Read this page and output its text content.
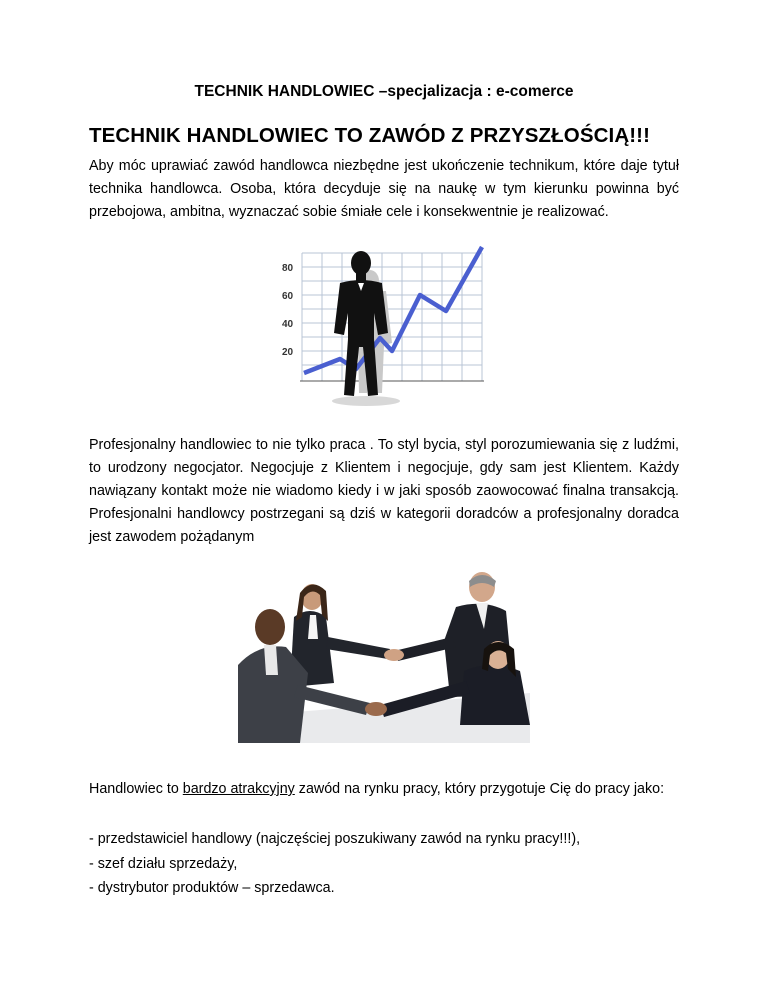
TECHNIK HANDLOWIEC –specjalizacja : e-comerce
TECHNIK HANDLOWIEC TO ZAWÓD Z PRZYSZŁOŚCIĄ!!!
Aby móc uprawiać zawód handlowca niezbędne jest ukończenie technikum, które daje tytuł technika handlowca. Osoba, która decyduje się na naukę w tym kierunku powinna być przebojowa, ambitna, wyznaczać sobie śmiałe cele i konsekwentnie je realizować.
80
60
40
20
Profesjonalny handlowiec to nie tylko praca . To styl bycia, styl porozumiewania się z ludźmi, to urodzony negocjator. Negocjuje z Klientem i negocjuje, gdy sam jest Klientem. Każdy nawiązany kontakt może nie wiadomo kiedy i w jaki sposób zaowocować finalna transakcją. Profesjonalni handlowcy postrzegani są dziś w kategorii doradców a profesjonalny doradca jest zawodem pożądanym
Handlowiec to bardzo atrakcyjny zawód na rynku pracy, który przygotuje Cię do pracy jako:
- przedstawiciel handlowy (najczęściej poszukiwany zawód na rynku pracy!!!),
- szef działu sprzedaży,
- dystrybutor produktów – sprzedawca.
